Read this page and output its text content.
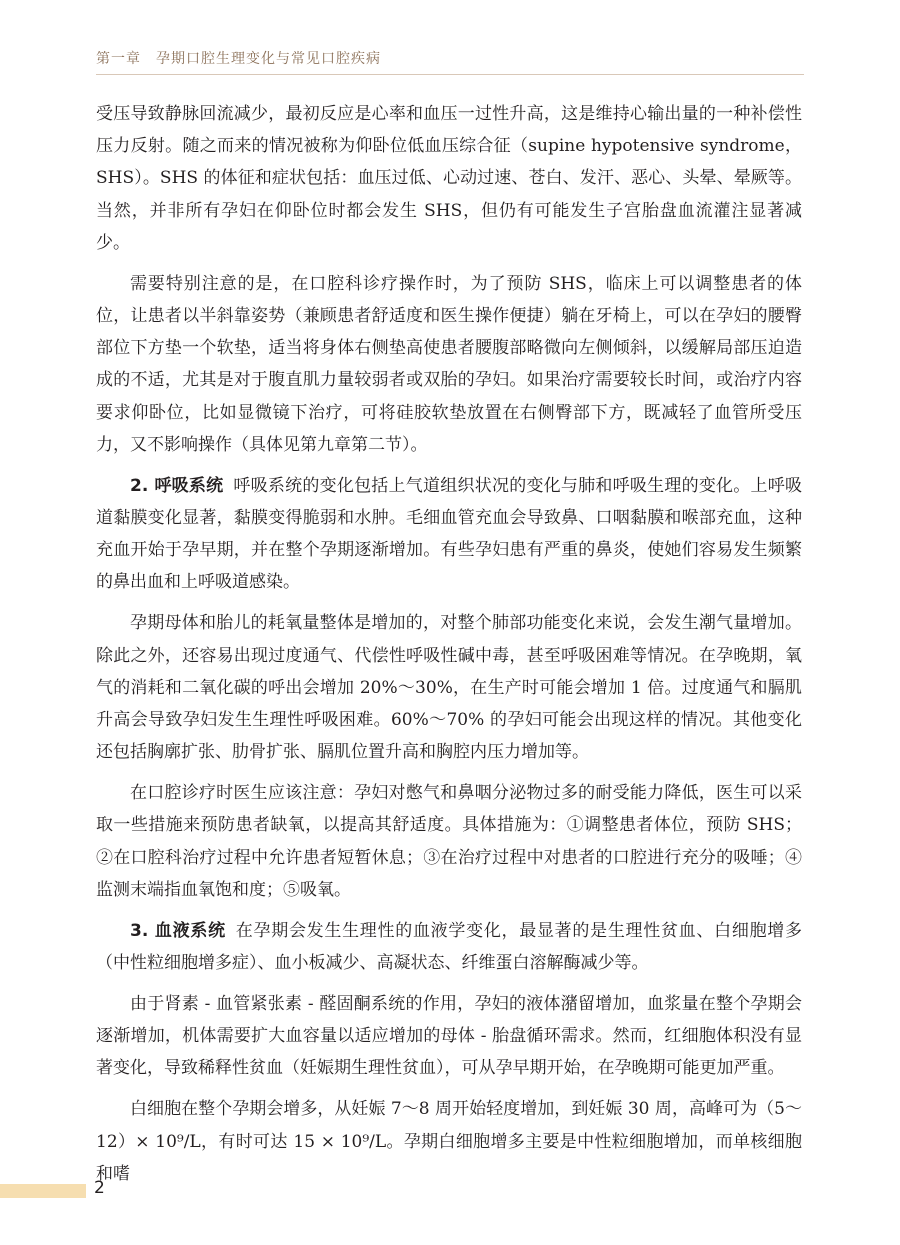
第一章　孕期口腔生理变化与常见口腔疾病

受压导致静脉回流减少，最初反应是心率和血压一过性升高，这是维持心输出量的一种补偿性压力反射。随之而来的情况被称为仰卧位低血压综合征（supine hypotensive syndrome，SHS）。SHS 的体征和症状包括：血压过低、心动过速、苍白、发汗、恶心、头晕、晕厥等。当然，并非所有孕妇在仰卧位时都会发生 SHS，但仍有可能发生子宫胎盘血流灌注显著减少。

需要特别注意的是，在口腔科诊疗操作时，为了预防 SHS，临床上可以调整患者的体位，让患者以半斜靠姿势（兼顾患者舒适度和医生操作便捷）躺在牙椅上，可以在孕妇的腰臀部位下方垫一个软垫，适当将身体右侧垫高使患者腰腹部略微向左侧倾斜，以缓解局部压迫造成的不适，尤其是对于腹直肌力量较弱者或双胎的孕妇。如果治疗需要较长时间，或治疗内容要求仰卧位，比如显微镜下治疗，可将硅胶软垫放置在右侧臀部下方，既减轻了血管所受压力，又不影响操作（具体见第九章第二节）。

2. 呼吸系统 呼吸系统的变化包括上气道组织状况的变化与肺和呼吸生理的变化。上呼吸道黏膜变化显著，黏膜变得脆弱和水肿。毛细血管充血会导致鼻、口咽黏膜和喉部充血，这种充血开始于孕早期，并在整个孕期逐渐增加。有些孕妇患有严重的鼻炎，使她们容易发生频繁的鼻出血和上呼吸道感染。

孕期母体和胎儿的耗氧量整体是增加的，对整个肺部功能变化来说，会发生潮气量增加。除此之外，还容易出现过度通气、代偿性呼吸性碱中毒，甚至呼吸困难等情况。在孕晚期，氧气的消耗和二氧化碳的呼出会增加 20%～30%，在生产时可能会增加 1 倍。过度通气和膈肌升高会导致孕妇发生生理性呼吸困难。60%～70% 的孕妇可能会出现这样的情况。其他变化还包括胸廓扩张、肋骨扩张、膈肌位置升高和胸腔内压力增加等。

在口腔诊疗时医生应该注意：孕妇对憋气和鼻咽分泌物过多的耐受能力降低，医生可以采取一些措施来预防患者缺氧，以提高其舒适度。具体措施为：①调整患者体位，预防 SHS；②在口腔科治疗过程中允许患者短暂休息；③在治疗过程中对患者的口腔进行充分的吸唾；④监测末端指血氧饱和度；⑤吸氧。

3. 血液系统 在孕期会发生生理性的血液学变化，最显著的是生理性贫血、白细胞增多（中性粒细胞增多症）、血小板减少、高凝状态、纤维蛋白溶解酶减少等。

由于肾素 - 血管紧张素 - 醛固酮系统的作用，孕妇的液体潴留增加，血浆量在整个孕期会逐渐增加，机体需要扩大血容量以适应增加的母体 - 胎盘循环需求。然而，红细胞体积没有显著变化，导致稀释性贫血（妊娠期生理性贫血），可从孕早期开始，在孕晚期可能更加严重。

白细胞在整个孕期会增多，从妊娠 7～8 周开始轻度增加，到妊娠 30 周，高峰可为（5～12）× 10⁹/L，有时可达 15 × 10⁹/L。孕期白细胞增多主要是中性粒细胞增加，而单核细胞和嗜

2
